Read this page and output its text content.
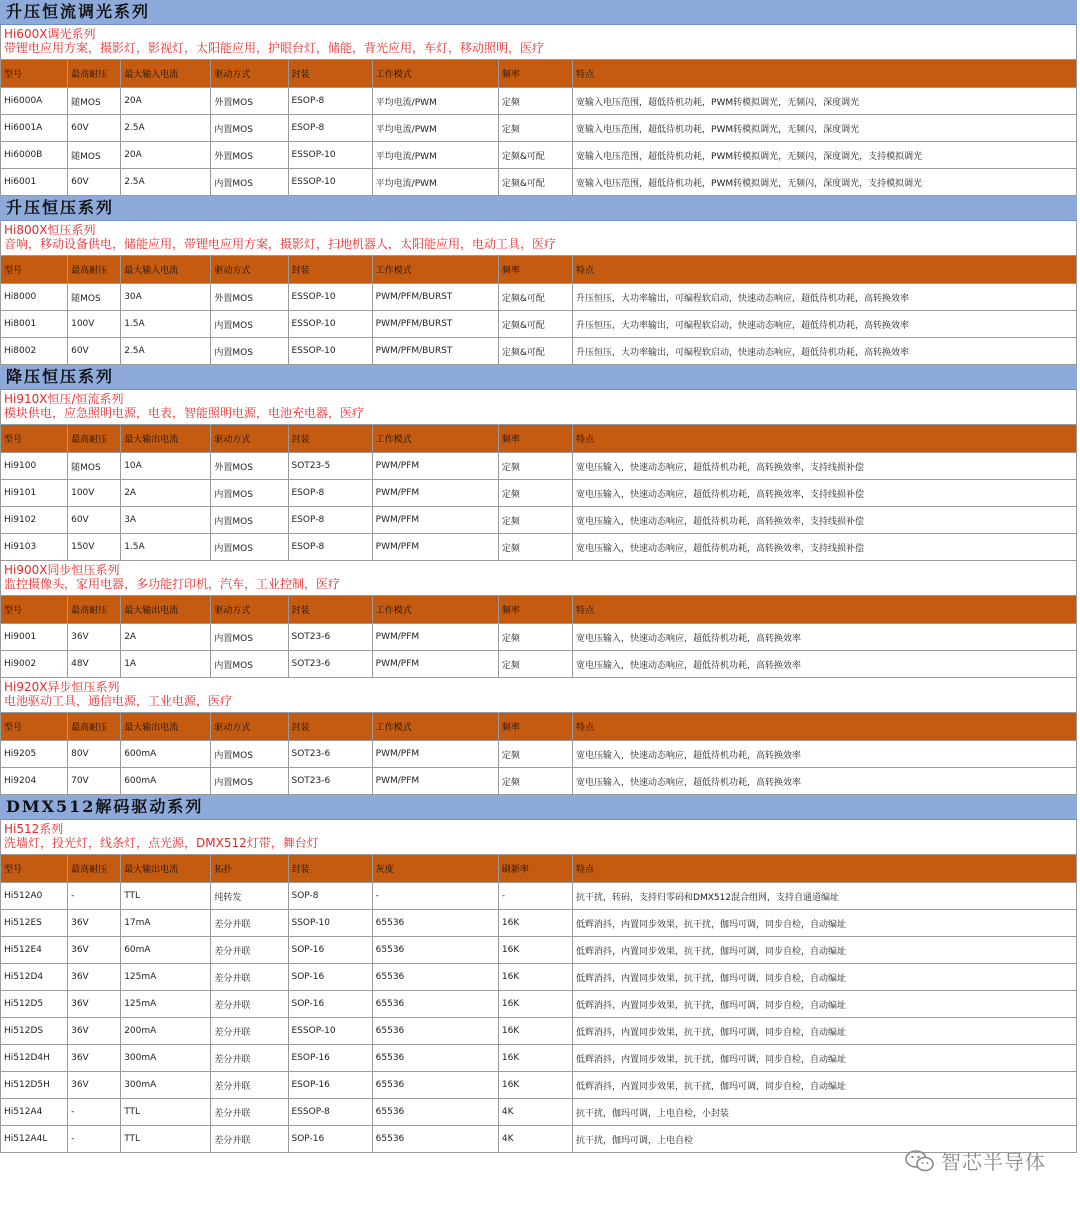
升压恒流调光系列
Hi600X调光系列
带锂电应用方案，摄影灯，影视灯，太阳能应用，护眼台灯，储能，背光应用，车灯，移动照明，医疗
型号	最高耐压	最大输入电流	驱动方式	封装	工作模式	频率	特点
Hi6000A	随MOS	20A	外置MOS	ESOP-8	平均电流/PWM	定频	宽输入电压范围，超低待机功耗，PWM转模拟调光，无频闪，深度调光
Hi6001A	60V	2.5A	内置MOS	ESOP-8	平均电流/PWM	定频	宽输入电压范围，超低待机功耗，PWM转模拟调光，无频闪，深度调光
Hi6000B	随MOS	20A	外置MOS	ESSOP-10	平均电流/PWM	定频&可配	宽输入电压范围，超低待机功耗，PWM转模拟调光，无频闪，深度调光，支持模拟调光
Hi6001	60V	2.5A	内置MOS	ESSOP-10	平均电流/PWM	定频&可配	宽输入电压范围，超低待机功耗，PWM转模拟调光，无频闪，深度调光，支持模拟调光
升压恒压系列
Hi800X恒压系列
音响，移动设备供电，储能应用，带锂电应用方案，摄影灯，扫地机器人，太阳能应用，电动工具，医疗
型号	最高耐压	最大输入电流	驱动方式	封装	工作模式	频率	特点
Hi8000	随MOS	30A	外置MOS	ESSOP-10	PWM/PFM/BURST	定频&可配	升压恒压，大功率输出，可编程软启动，快速动态响应，超低待机功耗，高转换效率
Hi8001	100V	1.5A	内置MOS	ESSOP-10	PWM/PFM/BURST	定频&可配	升压恒压，大功率输出，可编程软启动，快速动态响应，超低待机功耗，高转换效率
Hi8002	60V	2.5A	内置MOS	ESSOP-10	PWM/PFM/BURST	定频&可配	升压恒压，大功率输出，可编程软启动，快速动态响应，超低待机功耗，高转换效率
降压恒压系列
Hi910X恒压/恒流系列
模块供电，应急照明电源，电表，智能照明电源，电池充电器，医疗
型号	最高耐压	最大输出电流	驱动方式	封装	工作模式	频率	特点
Hi9100	随MOS	10A	外置MOS	SOT23-5	PWM/PFM	定频	宽电压输入，快速动态响应，超低待机功耗，高转换效率，支持线损补偿
Hi9101	100V	2A	内置MOS	ESOP-8	PWM/PFM	定频	宽电压输入，快速动态响应，超低待机功耗，高转换效率，支持线损补偿
Hi9102	60V	3A	内置MOS	ESOP-8	PWM/PFM	定频	宽电压输入，快速动态响应，超低待机功耗，高转换效率，支持线损补偿
Hi9103	150V	1.5A	内置MOS	ESOP-8	PWM/PFM	定频	宽电压输入，快速动态响应，超低待机功耗，高转换效率，支持线损补偿
Hi900X同步恒压系列
监控摄像头，家用电器，多功能打印机，汽车，工业控制，医疗
型号	最高耐压	最大输出电流	驱动方式	封装	工作模式	频率	特点
Hi9001	36V	2A	内置MOS	SOT23-6	PWM/PFM	定频	宽电压输入，快速动态响应，超低待机功耗，高转换效率
Hi9002	48V	1A	内置MOS	SOT23-6	PWM/PFM	定频	宽电压输入，快速动态响应，超低待机功耗，高转换效率
Hi920X异步恒压系列
电池驱动工具，通信电源，工业电源，医疗
型号	最高耐压	最大输出电流	驱动方式	封装	工作模式	频率	特点
Hi9205	80V	600mA	内置MOS	SOT23-6	PWM/PFM	定频	宽电压输入，快速动态响应，超低待机功耗，高转换效率
Hi9204	70V	600mA	内置MOS	SOT23-6	PWM/PFM	定频	宽电压输入，快速动态响应，超低待机功耗，高转换效率
DMX512解码驱动系列
Hi512系列
洗墙灯，投光灯，线条灯，点光源，DMX512灯带，舞台灯
型号	最高耐压	最大输出电流	拓扑	封装	灰度	刷新率	特点
Hi512A0	-	TTL	纯转发	SOP-8	-	-	抗干扰，转码，支持归零码和DMX512混合组网，支持自通道编址
Hi512ES	36V	17mA	差分并联	SSOP-10	65536	16K	低辉消抖，内置同步效果，抗干扰，伽玛可调，同步自检，自动编址
Hi512E4	36V	60mA	差分并联	SOP-16	65536	16K	低辉消抖，内置同步效果，抗干扰，伽玛可调，同步自检，自动编址
Hi512D4	36V	125mA	差分并联	SOP-16	65536	16K	低辉消抖，内置同步效果，抗干扰，伽玛可调，同步自检，自动编址
Hi512D5	36V	125mA	差分并联	SOP-16	65536	16K	低辉消抖，内置同步效果，抗干扰，伽玛可调，同步自检，自动编址
Hi512DS	36V	200mA	差分并联	ESSOP-10	65536	16K	低辉消抖，内置同步效果，抗干扰，伽玛可调，同步自检，自动编址
Hi512D4H	36V	300mA	差分并联	ESOP-16	65536	16K	低辉消抖，内置同步效果，抗干扰，伽玛可调，同步自检，自动编址
Hi512D5H	36V	300mA	差分并联	ESOP-16	65536	16K	低辉消抖，内置同步效果，抗干扰，伽玛可调，同步自检，自动编址
Hi512A4	-	TTL	差分并联	ESSOP-8	65536	4K	抗干扰，伽玛可调，上电自检，小封装
Hi512A4L	-	TTL	差分并联	SOP-16	65536	4K	抗干扰，伽玛可调，上电自检
智芯半导体
